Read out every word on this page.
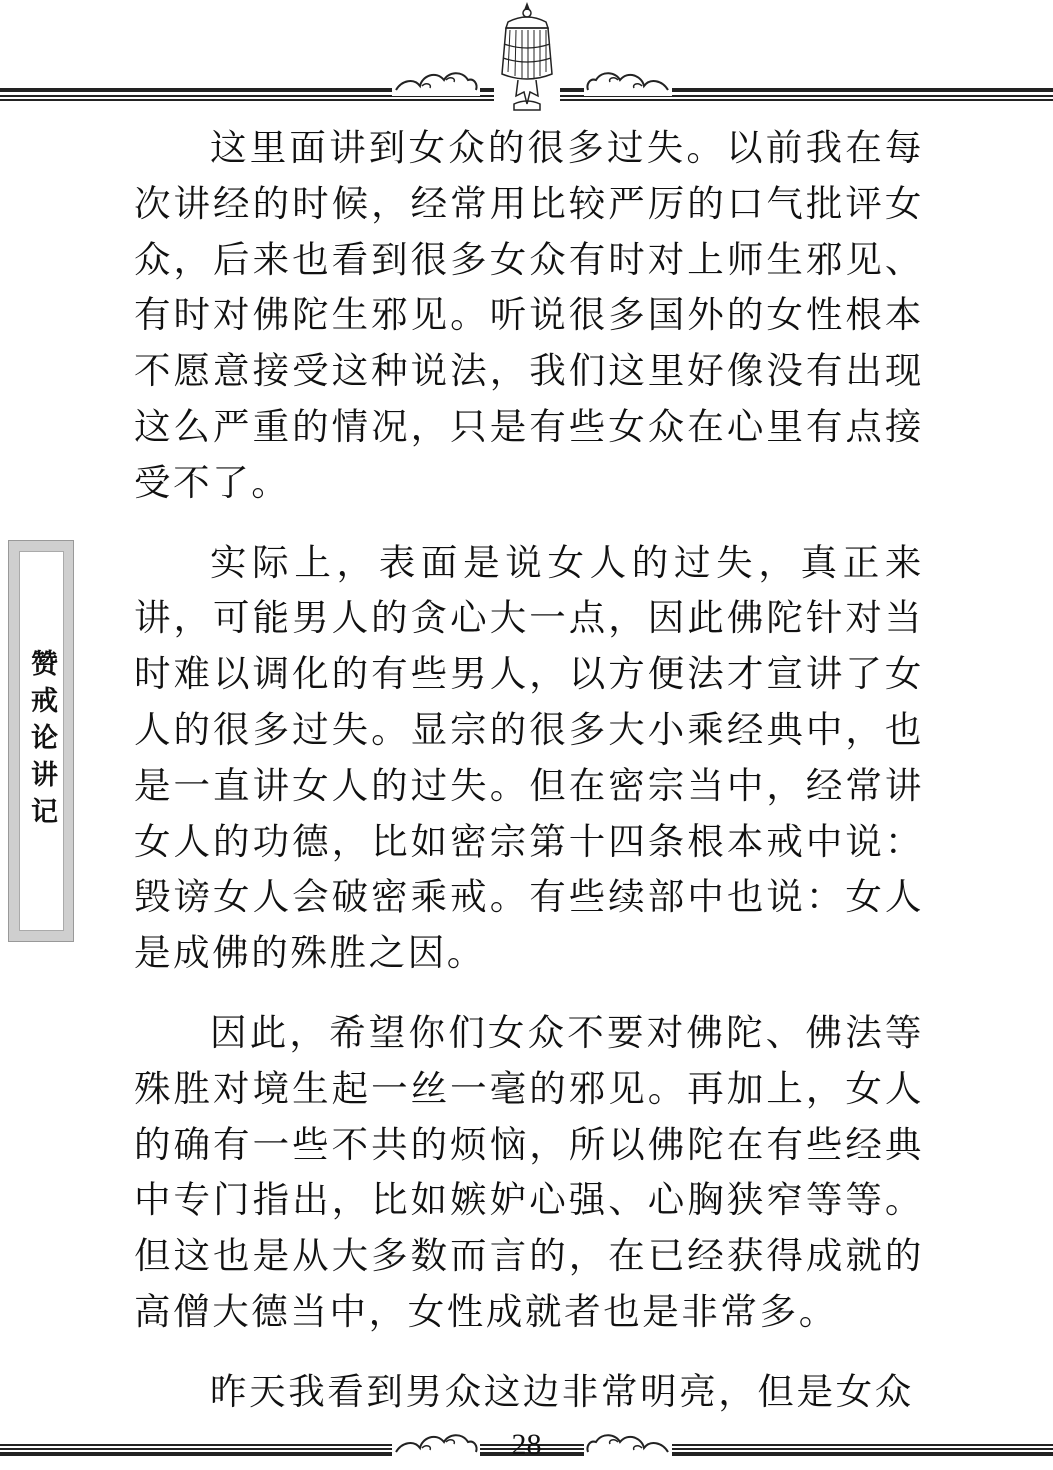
这里面讲到女众的很多过失。以前我在每次讲经的时候，经常用比较严厉的口气批评女众，后来也看到很多女众有时对上师生邪见、有时对佛陀生邪见。听说很多国外的女性根本不愿意接受这种说法，我们这里好像没有出现这么严重的情况，只是有些女众在心里有点接受不了。

实际上，表面是说女人的过失，真正来讲，可能男人的贪心大一点，因此佛陀针对当时难以调化的有些男人，以方便法才宣讲了女人的很多过失。显宗的很多大小乘经典中，也是一直讲女人的过失。但在密宗当中，经常讲女人的功德，比如密宗第十四条根本戒中说：毁谤女人会破密乘戒。有些续部中也说：女人是成佛的殊胜之因。

因此，希望你们女众不要对佛陀、佛法等殊胜对境生起一丝一毫的邪见。再加上，女人的确有一些不共的烦恼，所以佛陀在有些经典中专门指出，比如嫉妒心强、心胸狭窄等等。但这也是从大多数而言的，在已经获得成就的高僧大德当中，女性成就者也是非常多。

昨天我看到男众这边非常明亮，但是女众

赞戒论讲记
28
